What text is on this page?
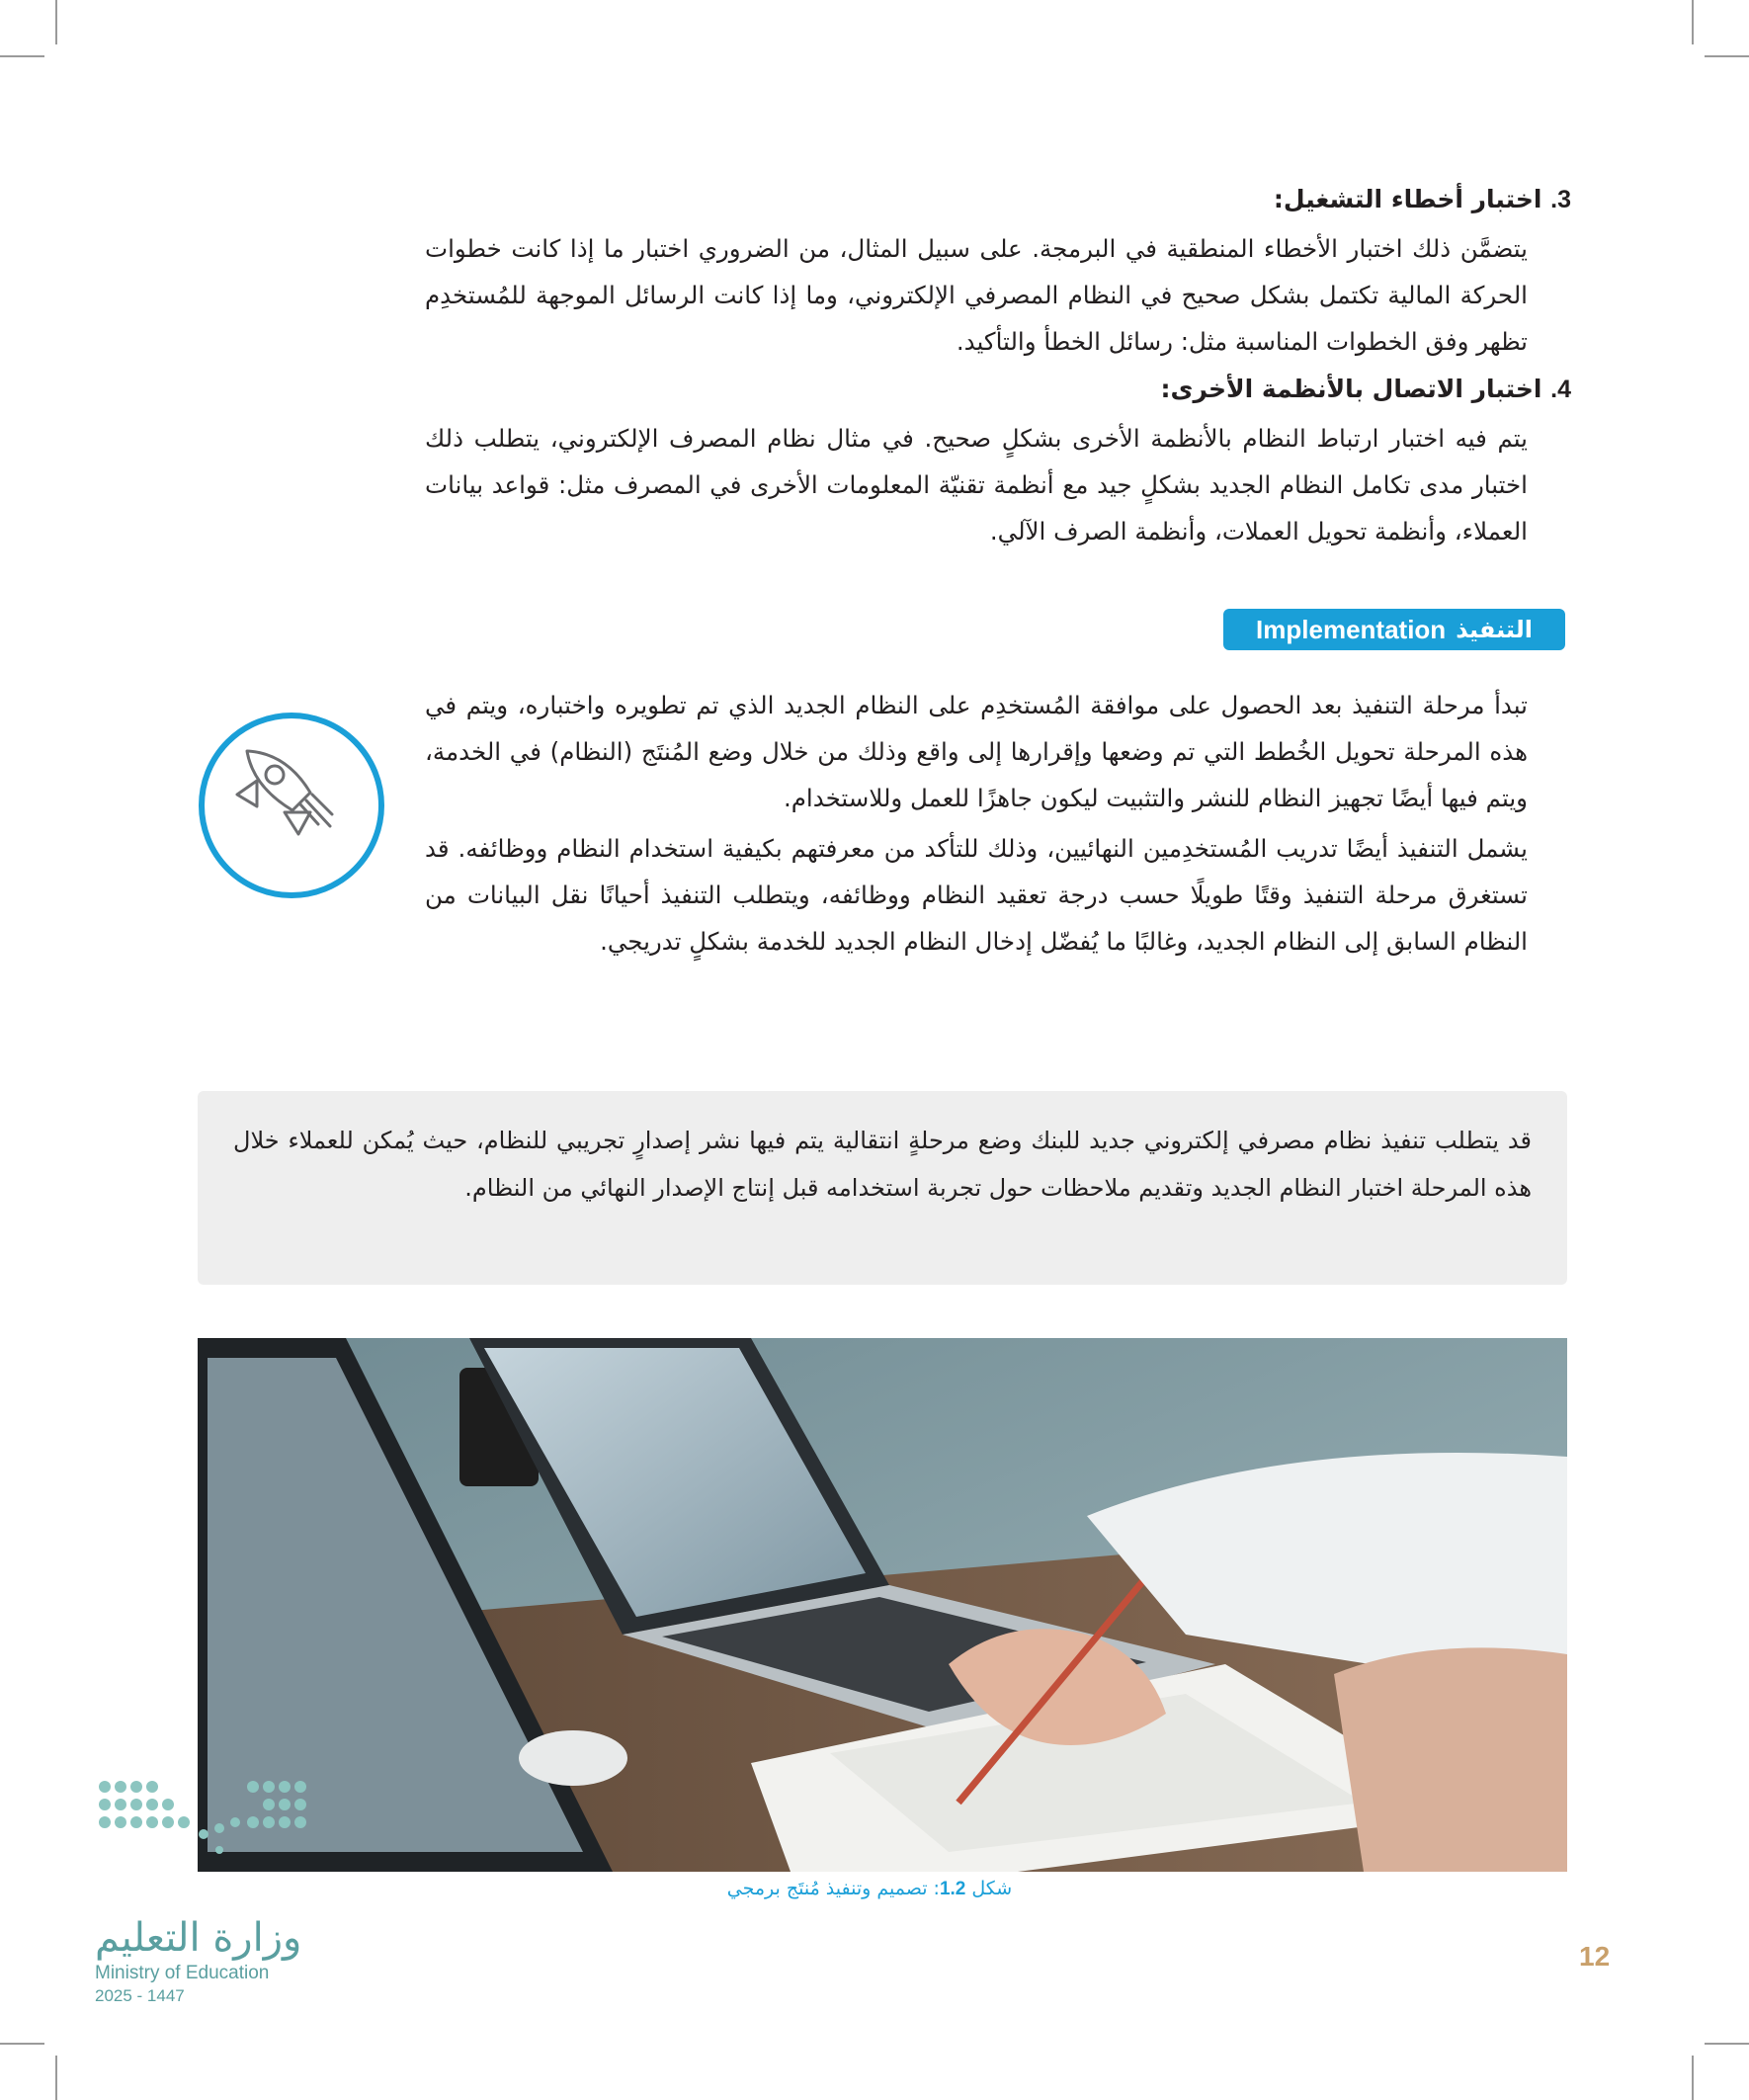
3. اختبار أخطاء التشغيل:

يتضمَّن ذلك اختبار الأخطاء المنطقية في البرمجة. على سبيل المثال، من الضروري اختبار ما إذا كانت خطوات الحركة المالية تكتمل بشكل صحيح في النظام المصرفي الإلكتروني، وما إذا كانت الرسائل الموجهة للمُستخدِم تظهر وفق الخطوات المناسبة مثل: رسائل الخطأ والتأكيد.

4. اختبار الاتصال بالأنظمة الأخرى:

يتم فيه اختبار ارتباط النظام بالأنظمة الأخرى بشكلٍ صحيح. في مثال نظام المصرف الإلكتروني، يتطلب ذلك اختبار مدى تكامل النظام الجديد بشكلٍ جيد مع أنظمة تقنيّة المعلومات الأخرى في المصرف مثل: قواعد بيانات العملاء، وأنظمة تحويل العملات، وأنظمة الصرف الآلي.

التنفيذ
Implementation

تبدأ مرحلة التنفيذ بعد الحصول على موافقة المُستخدِم على النظام الجديد الذي تم تطويره واختباره، ويتم في هذه المرحلة تحويل الخُطط التي تم وضعها وإقرارها إلى واقع وذلك من خلال وضع المُنتَج (النظام) في الخدمة، ويتم فيها أيضًا تجهيز النظام للنشر والتثبيت ليكون جاهزًا للعمل وللاستخدام.

يشمل التنفيذ أيضًا تدريب المُستخدِمين النهائيين، وذلك للتأكد من معرفتهم بكيفية استخدام النظام ووظائفه. قد تستغرق مرحلة التنفيذ وقتًا طويلًا حسب درجة تعقيد النظام ووظائفه، ويتطلب التنفيذ أحيانًا نقل البيانات من النظام السابق إلى النظام الجديد، وغالبًا ما يُفضّل إدخال النظام الجديد للخدمة بشكلٍ تدريجي.

قد يتطلب تنفيذ نظام مصرفي إلكتروني جديد للبنك وضع مرحلةٍ انتقالية يتم فيها نشر إصدارٍ تجريبي للنظام، حيث يُمكن للعملاء خلال هذه المرحلة اختبار النظام الجديد وتقديم ملاحظات حول تجربة استخدامه قبل إنتاج الإصدار النهائي من النظام.
شكل 1.2: تصميم وتنفيذ مُنتَج برمجي
وزارة التعليم
Ministry of Education
2025 - 1447
12
